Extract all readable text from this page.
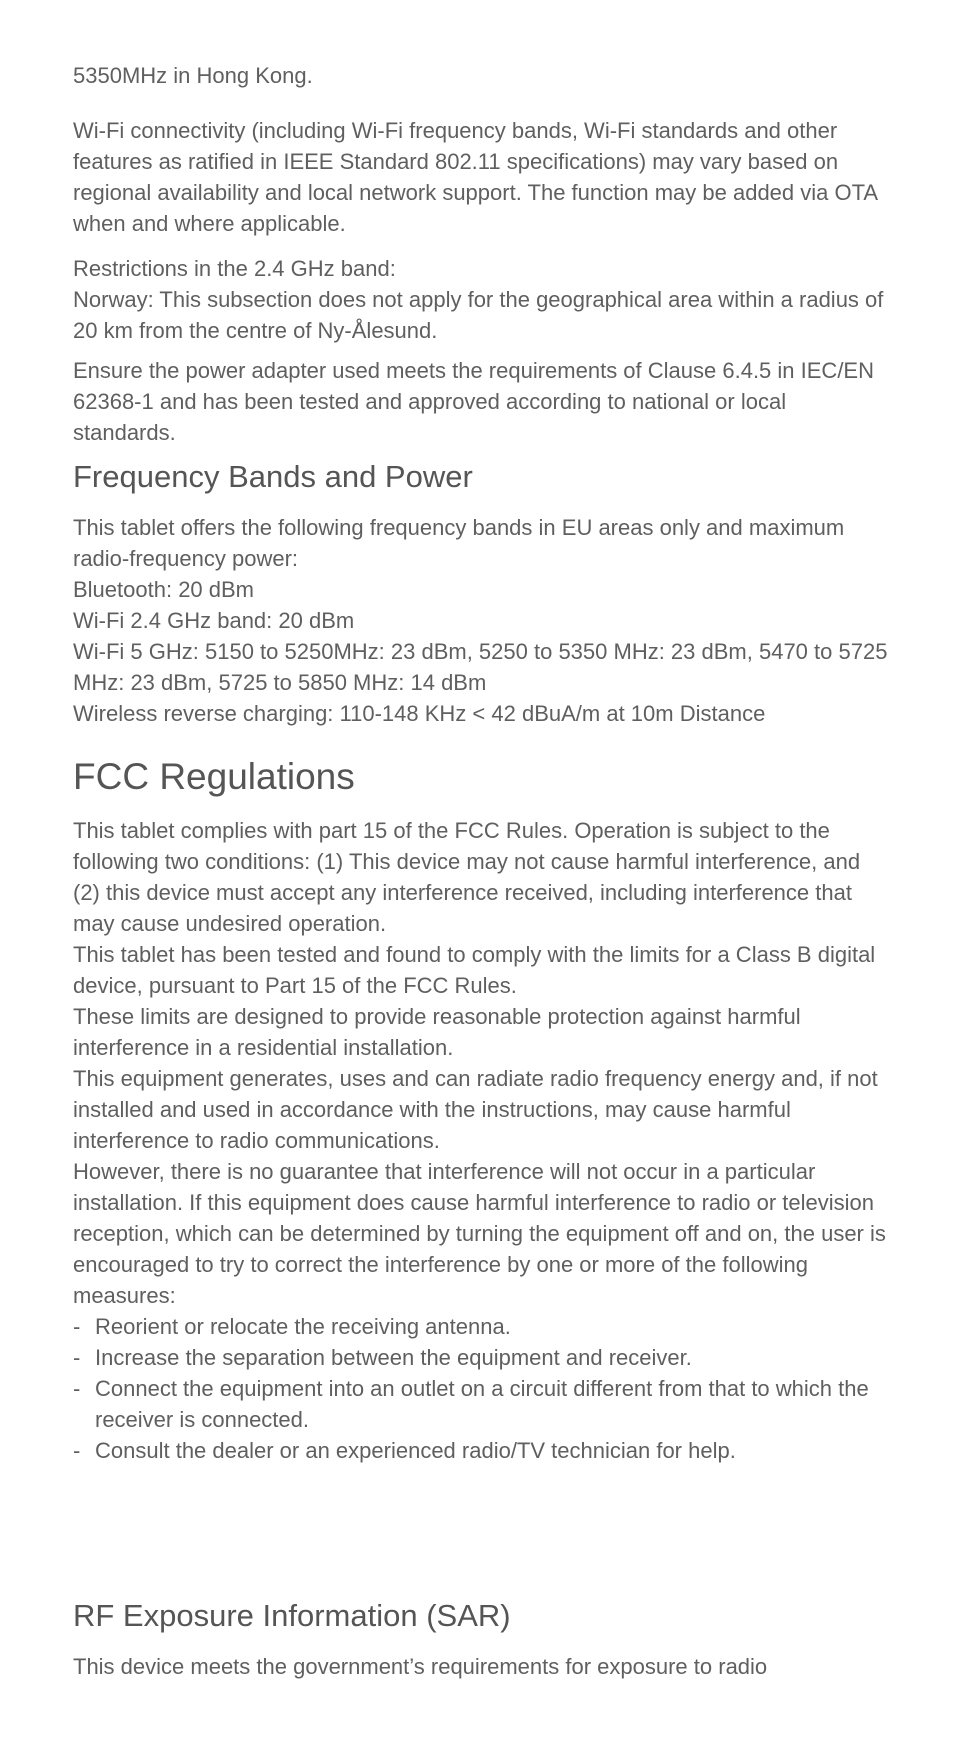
5350MHz in Hong Kong.

Wi-Fi connectivity (including Wi-Fi frequency bands, Wi-Fi standards and other features as ratified in IEEE Standard 802.11 specifications) may vary based on regional availability and local network support. The function may be added via OTA when and where applicable.

Restrictions in the 2.4 GHz band:

Norway: This subsection does not apply for the geographical area within a radius of 20 km from the centre of Ny-Ålesund.

Ensure the power adapter used meets the requirements of Clause 6.4.5 in IEC/EN 62368-1 and has been tested and approved according to national or local standards.

Frequency Bands and Power

This tablet offers the following frequency bands in EU areas only and maximum radio-frequency power:

Bluetooth: 20 dBm

Wi-Fi 2.4 GHz band: 20 dBm

Wi-Fi 5 GHz: 5150 to 5250MHz: 23 dBm, 5250 to 5350 MHz: 23 dBm, 5470 to 5725 MHz: 23 dBm, 5725 to 5850 MHz: 14 dBm

Wireless reverse charging: 110-148 KHz < 42 dBuA/m at 10m Distance

FCC Regulations

This tablet complies with part 15 of the FCC Rules. Operation is subject to the following two conditions: (1) This device may not cause harmful interference, and (2) this device must accept any interference received, including interference that may cause undesired operation.

This tablet has been tested and found to comply with the limits for a Class B digital device, pursuant to Part 15 of the FCC Rules.

These limits are designed to provide reasonable protection against harmful interference in a residential installation.

This equipment generates, uses and can radiate radio frequency energy and, if not installed and used in accordance with the instructions, may cause harmful interference to radio communications.

However, there is no guarantee that interference will not occur in a particular installation. If this equipment does cause harmful interference to radio or television reception, which can be determined by turning the equipment off and on, the user is encouraged to try to correct the interference by one or more of the following measures:

- Reorient or relocate the receiving antenna.
- Increase the separation between the equipment and receiver.
- Connect the equipment into an outlet on a circuit different from that to which the receiver is connected.
- Consult the dealer or an experienced radio/TV technician for help.
RF Exposure Information (SAR)

This device meets the government’s requirements for exposure to radio
